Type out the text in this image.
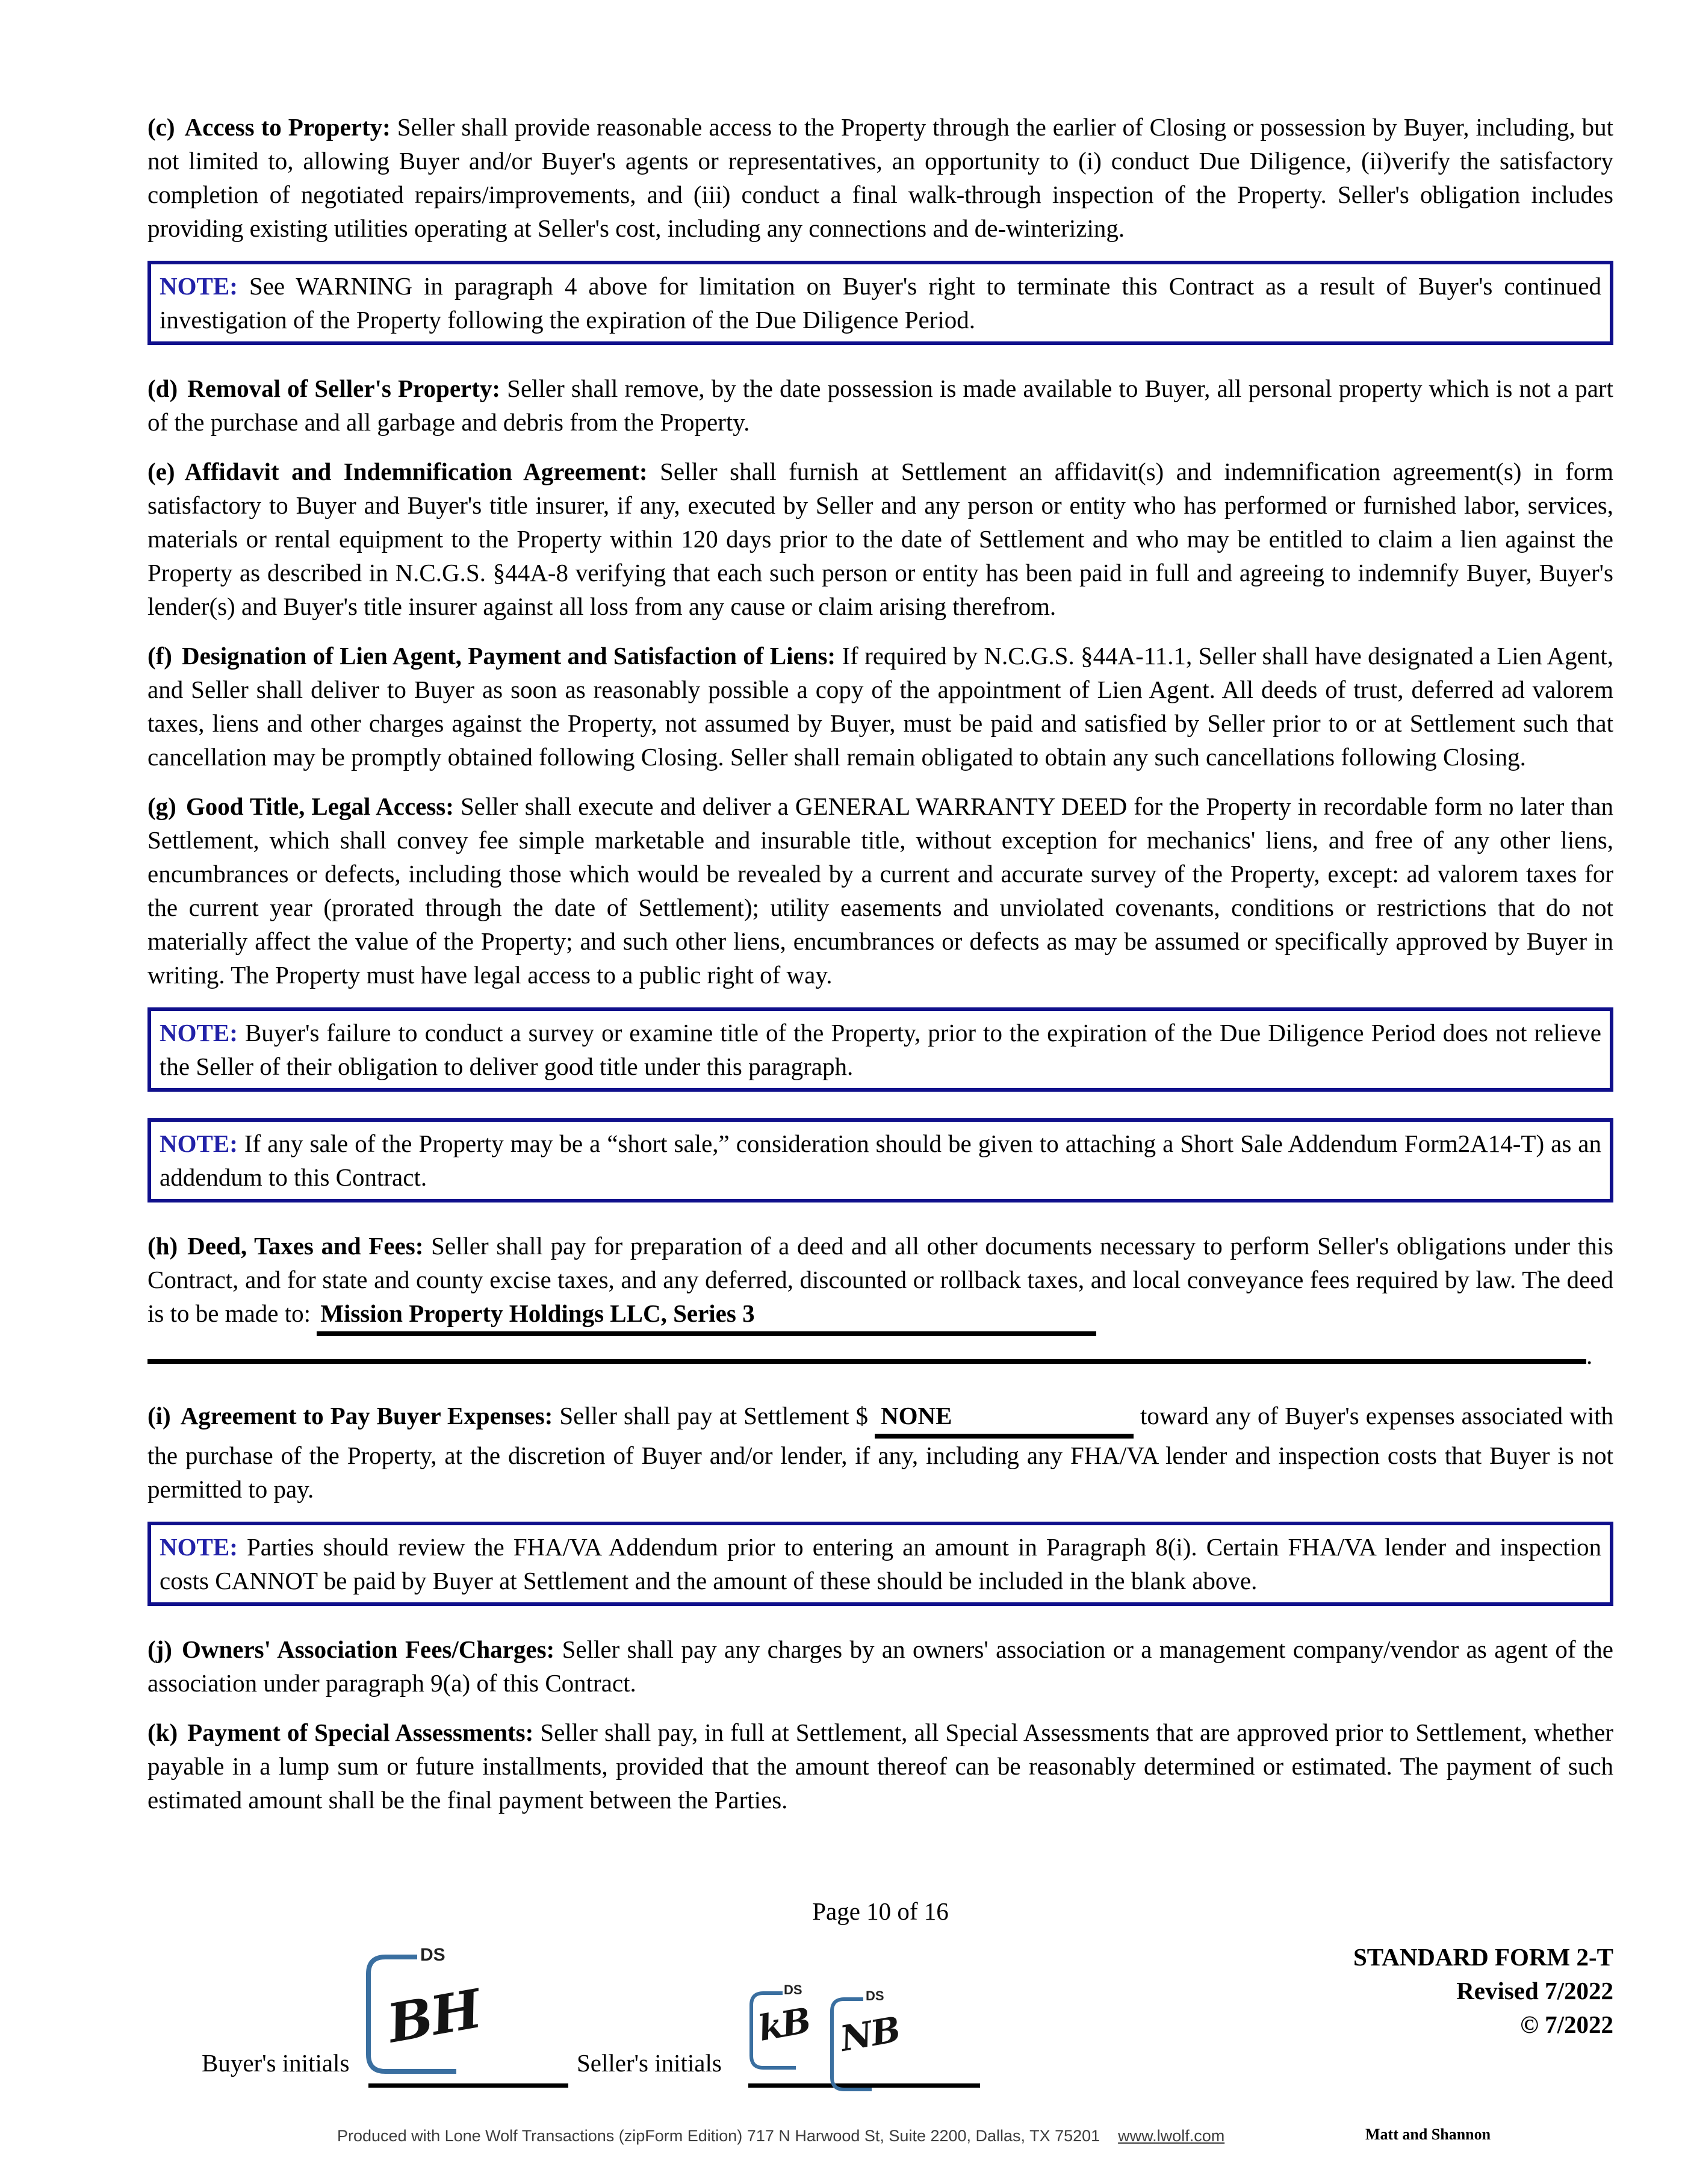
(c) Access to Property: Seller shall provide reasonable access to the Property through the earlier of Closing or possession by Buyer, including, but not limited to, allowing Buyer and/or Buyer's agents or representatives, an opportunity to (i) conduct Due Diligence, (ii)verify the satisfactory completion of negotiated repairs/improvements, and (iii) conduct a final walk-through inspection of the Property. Seller's obligation includes providing existing utilities operating at Seller's cost, including any connections and de-winterizing.

NOTE: See WARNING in paragraph 4 above for limitation on Buyer's right to terminate this Contract as a result of Buyer's continued investigation of the Property following the expiration of the Due Diligence Period.

(d) Removal of Seller's Property: Seller shall remove, by the date possession is made available to Buyer, all personal property which is not a part of the purchase and all garbage and debris from the Property.

(e) Affidavit and Indemnification Agreement: Seller shall furnish at Settlement an affidavit(s) and indemnification agreement(s) in form satisfactory to Buyer and Buyer's title insurer, if any, executed by Seller and any person or entity who has performed or furnished labor, services, materials or rental equipment to the Property within 120 days prior to the date of Settlement and who may be entitled to claim a lien against the Property as described in N.C.G.S. §44A-8 verifying that each such person or entity has been paid in full and agreeing to indemnify Buyer, Buyer's lender(s) and Buyer's title insurer against all loss from any cause or claim arising therefrom.

(f) Designation of Lien Agent, Payment and Satisfaction of Liens: If required by N.C.G.S. §44A-11.1, Seller shall have designated a Lien Agent, and Seller shall deliver to Buyer as soon as reasonably possible a copy of the appointment of Lien Agent. All deeds of trust, deferred ad valorem taxes, liens and other charges against the Property, not assumed by Buyer, must be paid and satisfied by Seller prior to or at Settlement such that cancellation may be promptly obtained following Closing. Seller shall remain obligated to obtain any such cancellations following Closing.

(g) Good Title, Legal Access: Seller shall execute and deliver a GENERAL WARRANTY DEED for the Property in recordable form no later than Settlement, which shall convey fee simple marketable and insurable title, without exception for mechanics' liens, and free of any other liens, encumbrances or defects, including those which would be revealed by a current and accurate survey of the Property, except: ad valorem taxes for the current year (prorated through the date of Settlement); utility easements and unviolated covenants, conditions or restrictions that do not materially affect the value of the Property; and such other liens, encumbrances or defects as may be assumed or specifically approved by Buyer in writing. The Property must have legal access to a public right of way.

NOTE: Buyer's failure to conduct a survey or examine title of the Property, prior to the expiration of the Due Diligence Period does not relieve the Seller of their obligation to deliver good title under this paragraph.
NOTE: If any sale of the Property may be a “short sale,” consideration should be given to attaching a Short Sale Addendum Form2A14-T) as an addendum to this Contract.

(h) Deed, Taxes and Fees: Seller shall pay for preparation of a deed and all other documents necessary to perform Seller's obligations under this Contract, and for state and county excise taxes, and any deferred, discounted or rollback taxes, and local conveyance fees required by law. The deed is to be made to: Mission Property Holdings LLC, Series 3

.

(i) Agreement to Pay Buyer Expenses: Seller shall pay at Settlement $ NONE	toward any of Buyer's expenses associated with the purchase of the Property, at the discretion of Buyer and/or lender, if any, including any FHA/VA lender and inspection costs that Buyer is not permitted to pay.

NOTE: Parties should review the FHA/VA Addendum prior to entering an amount in Paragraph 8(i). Certain FHA/VA lender and inspection costs CANNOT be paid by Buyer at Settlement and the amount of these should be included in the blank above.

(j) Owners' Association Fees/Charges: Seller shall pay any charges by an owners' association or a management company/vendor as agent of the association under paragraph 9(a) of this Contract.

(k) Payment of Special Assessments: Seller shall pay, in full at Settlement, all Special Assessments that are approved prior to Settlement, whether payable in a lump sum or future installments, provided that the amount thereof can be reasonably determined or estimated. The payment of such estimated amount shall be the final payment between the Parties.

Page 10 of 16
Buyer's initials
DS
BH
Seller's initials
DS
kB
DS
NB
STANDARD FORM 2-T
Revised 7/2022
© 7/2022
Produced with Lone Wolf Transactions (zipForm Edition) 717 N Harwood St, Suite 2200, Dallas, TX 75201 www.lwolf.com	Matt and Shannon
